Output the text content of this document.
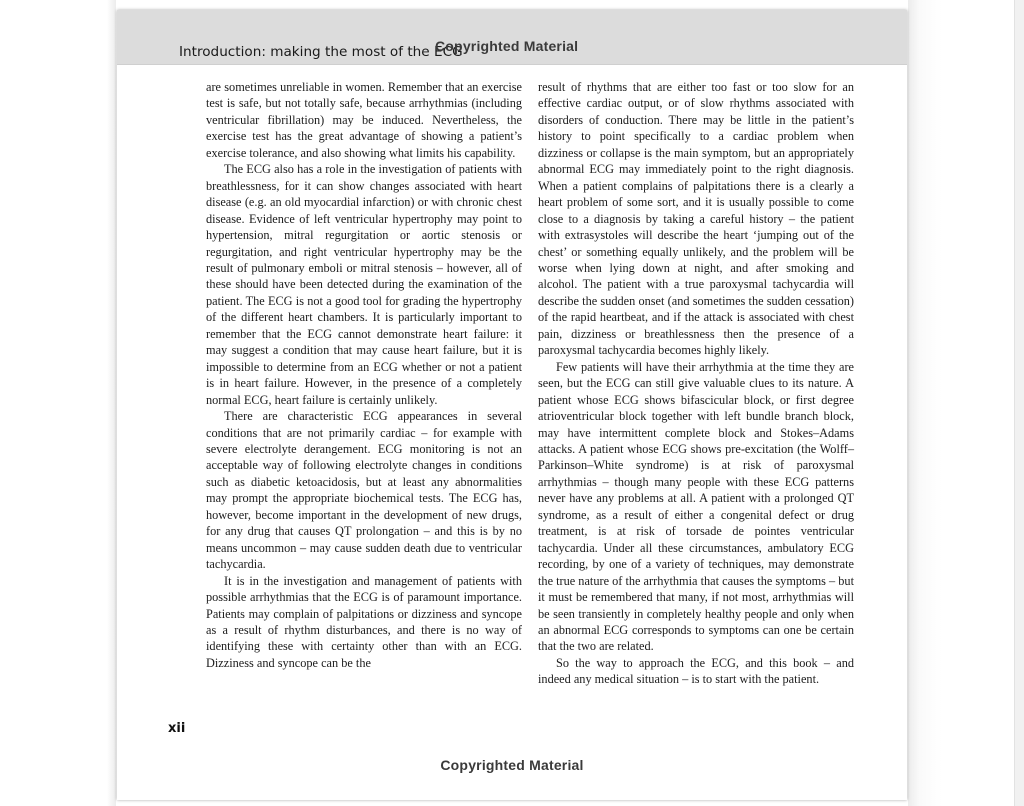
Introduction: making the most of the ECG
Copyrighted Material

are sometimes unreliable in women. Remember that an exercise test is safe, but not totally safe, because arrhythmias (including ventricular fibrillation) may be induced. Nevertheless, the exercise test has the great advantage of showing a patient’s exercise tolerance, and also showing what limits his capability.

The ECG also has a role in the investigation of patients with breathlessness, for it can show changes associated with heart disease (e.g. an old myocardial infarction) or with chronic chest disease. Evidence of left ventricular hypertrophy may point to hypertension, mitral regurgitation or aortic stenosis or regurgitation, and right ventricular hypertrophy may be the result of pulmonary emboli or mitral stenosis – however, all of these should have been detected during the examination of the patient. The ECG is not a good tool for grading the hypertrophy of the different heart chambers. It is particularly important to remember that the ECG cannot demonstrate heart failure: it may suggest a condition that may cause heart failure, but it is impossible to determine from an ECG whether or not a patient is in heart failure. However, in the presence of a completely normal ECG, heart failure is certainly unlikely.

There are characteristic ECG appearances in several conditions that are not primarily cardiac – for example with severe electrolyte derangement. ECG monitoring is not an acceptable way of following electrolyte changes in conditions such as diabetic ketoacidosis, but at least any abnormalities may prompt the appropriate biochemical tests. The ECG has, however, become important in the development of new drugs, for any drug that causes QT prolongation – and this is by no means uncommon – may cause sudden death due to ventricular tachycardia.

It is in the investigation and management of patients with possible arrhythmias that the ECG is of paramount importance. Patients may complain of palpitations or dizziness and syncope as a result of rhythm disturbances, and there is no way of identifying these with certainty other than with an ECG. Dizziness and syncope can be the

result of rhythms that are either too fast or too slow for an effective cardiac output, or of slow rhythms associated with disorders of conduction. There may be little in the patient’s history to point specifically to a cardiac problem when dizziness or collapse is the main symptom, but an appropriately abnormal ECG may immediately point to the right diagnosis. When a patient complains of palpitations there is a clearly a heart problem of some sort, and it is usually possible to come close to a diagnosis by taking a careful history – the patient with extrasystoles will describe the heart ‘jumping out of the chest’ or something equally unlikely, and the problem will be worse when lying down at night, and after smoking and alcohol. The patient with a true paroxysmal tachycardia will describe the sudden onset (and sometimes the sudden cessation) of the rapid heartbeat, and if the attack is associated with chest pain, dizziness or breathlessness then the presence of a paroxysmal tachycardia becomes highly likely.

Few patients will have their arrhythmia at the time they are seen, but the ECG can still give valuable clues to its nature. A patient whose ECG shows bifascicular block, or first degree atrioventricular block together with left bundle branch block, may have intermittent complete block and Stokes–Adams attacks. A patient whose ECG shows pre-excitation (the Wolff–Parkinson–White syndrome) is at risk of paroxysmal arrhythmias – though many people with these ECG patterns never have any problems at all. A patient with a prolonged QT syndrome, as a result of either a congenital defect or drug treatment, is at risk of torsade de pointes ventricular tachycardia. Under all these circumstances, ambulatory ECG recording, by one of a variety of techniques, may demonstrate the true nature of the arrhythmia that causes the symptoms – but it must be remembered that many, if not most, arrhythmias will be seen transiently in completely healthy people and only when an abnormal ECG corresponds to symptoms can one be certain that the two are related.

So the way to approach the ECG, and this book – and indeed any medical situation – is to start with the patient.

xii
Copyrighted Material
